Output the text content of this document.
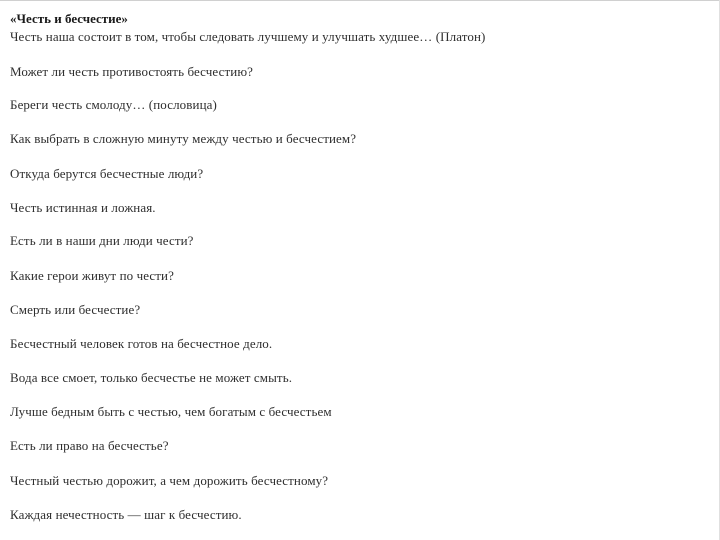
«Честь и бесчестие»
Честь наша состоит в том, чтобы следовать лучшему и улучшать худшее… (Платон)
Может ли честь противостоять бесчестию?
Береги честь смолоду… (пословица)
Как выбрать в сложную минуту между честью и бесчестием?
Откуда берутся бесчестные люди?
Честь истинная и ложная.
Есть ли в наши дни люди чести?
Какие герои живут по чести?
Смерть или бесчестие?
Бесчестный человек готов на бесчестное дело.
Вода все смоет, только бесчестье не может смыть.
Лучше бедным быть с честью, чем богатым с бесчестьем
Есть ли право на бесчестье?
Честный честью дорожит, а чем дорожить бесчестному?
Каждая нечестность — шаг к бесчестию.
